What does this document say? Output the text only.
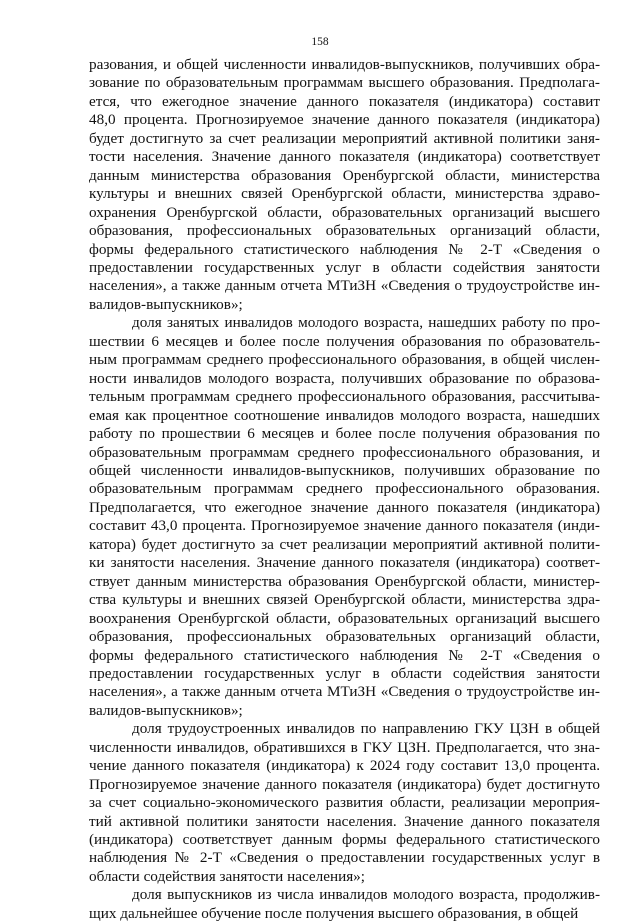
158
разования, и общей численности инвалидов-выпускников, получивших обра-
зование по образовательным программам высшего образования. Предполага-
ется, что ежегодное значение данного показателя (индикатора) составит
48,0 процента. Прогнозируемое значение данного показателя (индикатора)
будет достигнуто за счет реализации мероприятий активной политики заня-
тости населения. Значение данного показателя (индикатора) соответствует
данным министерства образования Оренбургской области, министерства
культуры и внешних связей Оренбургской области, министерства здраво-
охранения Оренбургской области, образовательных организаций высшего
образования, профессиональных образовательных организаций области,
формы федерального статистического наблюдения № 2-Т «Сведения о
предоставлении государственных услуг в области содействия занятости
населения», а также данным отчета МТиЗН «Сведения о трудоустройстве ин-
валидов-выпускников»;
доля занятых инвалидов молодого возраста, нашедших работу по про-
шествии 6 месяцев и более после получения образования по образователь-
ным программам среднего профессионального образования, в общей числен-
ности инвалидов молодого возраста, получивших образование по образова-
тельным программам среднего профессионального образования, рассчитыва-
емая как процентное соотношение инвалидов молодого возраста, нашедших
работу по прошествии 6 месяцев и более после получения образования по
образовательным программам среднего профессионального образования, и
общей численности инвалидов-выпускников, получивших образование по
образовательным программам среднего профессионального образования.
Предполагается, что ежегодное значение данного показателя (индикатора)
составит 43,0 процента. Прогнозируемое значение данного показателя (инди-
катора) будет достигнуто за счет реализации мероприятий активной полити-
ки занятости населения. Значение данного показателя (индикатора) соответ-
ствует данным министерства образования Оренбургской области, министер-
ства культуры и внешних связей Оренбургской области, министерства здра-
воохранения Оренбургской области, образовательных организаций высшего
образования, профессиональных образовательных организаций области,
формы федерального статистического наблюдения № 2-Т «Сведения о
предоставлении государственных услуг в области содействия занятости
населения», а также данным отчета МТиЗН «Сведения о трудоустройстве ин-
валидов-выпускников»;
доля трудоустроенных инвалидов по направлению ГКУ ЦЗН в общей
численности инвалидов, обратившихся в ГКУ ЦЗН. Предполагается, что зна-
чение данного показателя (индикатора) к 2024 году составит 13,0 процента.
Прогнозируемое значение данного показателя (индикатора) будет достигнуто
за счет социально-экономического развития области, реализации мероприя-
тий активной политики занятости населения. Значение данного показателя
(индикатора) соответствует данным формы федерального статистического
наблюдения № 2-Т «Сведения о предоставлении государственных услуг в
области содействия занятости населения»;
доля выпускников из числа инвалидов молодого возраста, продолжив-
щих дальнейшее обучение после получения высшего образования, в общей
